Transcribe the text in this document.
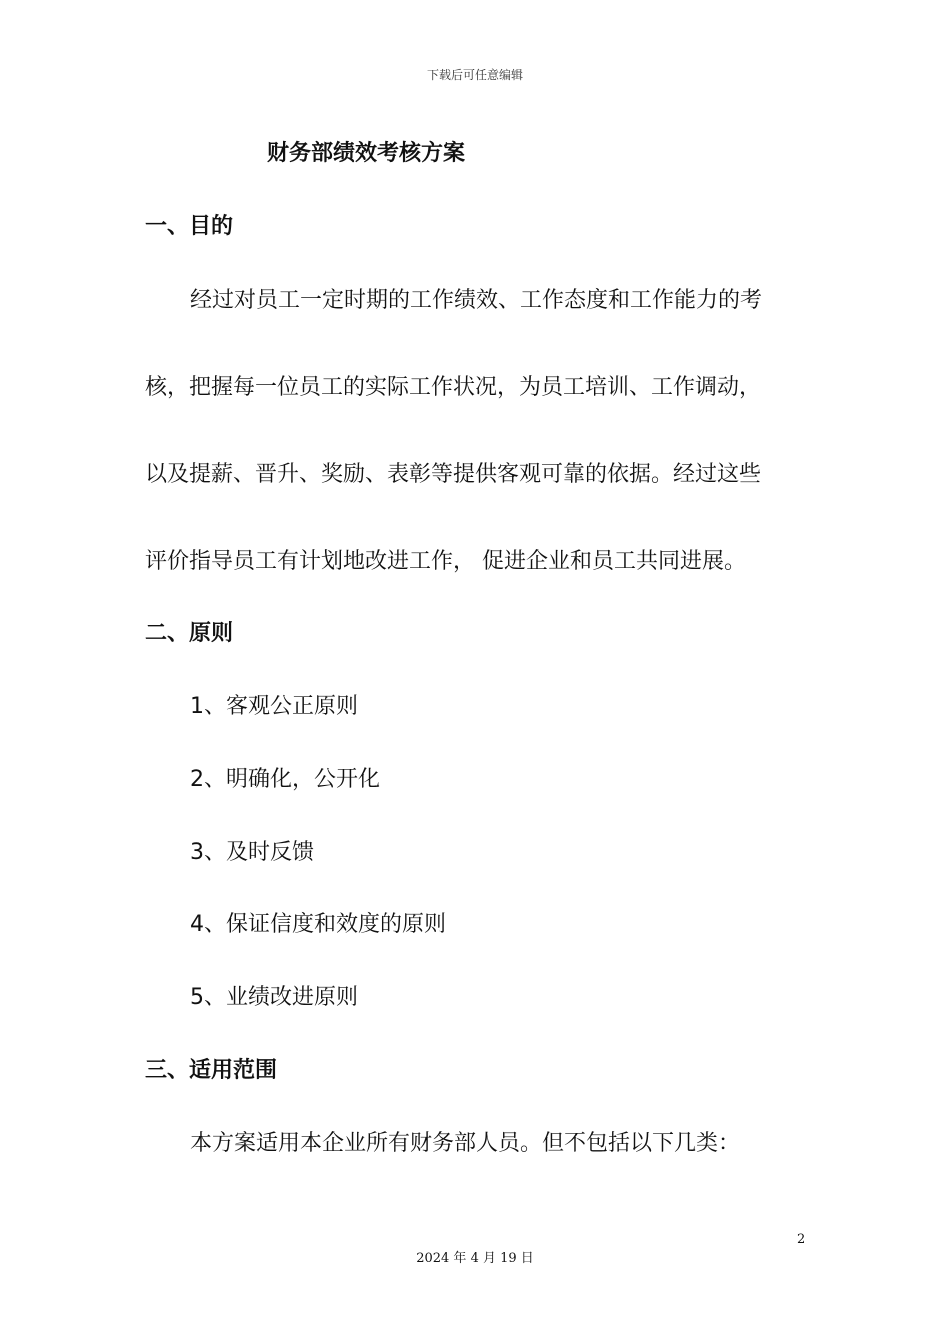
下载后可任意编辑
财务部绩效考核方案
一、目的
经过对员工一定时期的工作绩效、工作态度和工作能力的考
核，把握每一位员工的实际工作状况，为员工培训、工作调动，
以及提薪、晋升、奖励、表彰等提供客观可靠的依据。经过这些
评价指导员工有计划地改进工作， 促进企业和员工共同进展。
二、原则
1、客观公正原则
2、明确化，公开化
3、及时反馈
4、保证信度和效度的原则
5、业绩改进原则
三、适用范围
本方案适用本企业所有财务部人员。但不包括以下几类：
2
2024 年 4 月 19 日
